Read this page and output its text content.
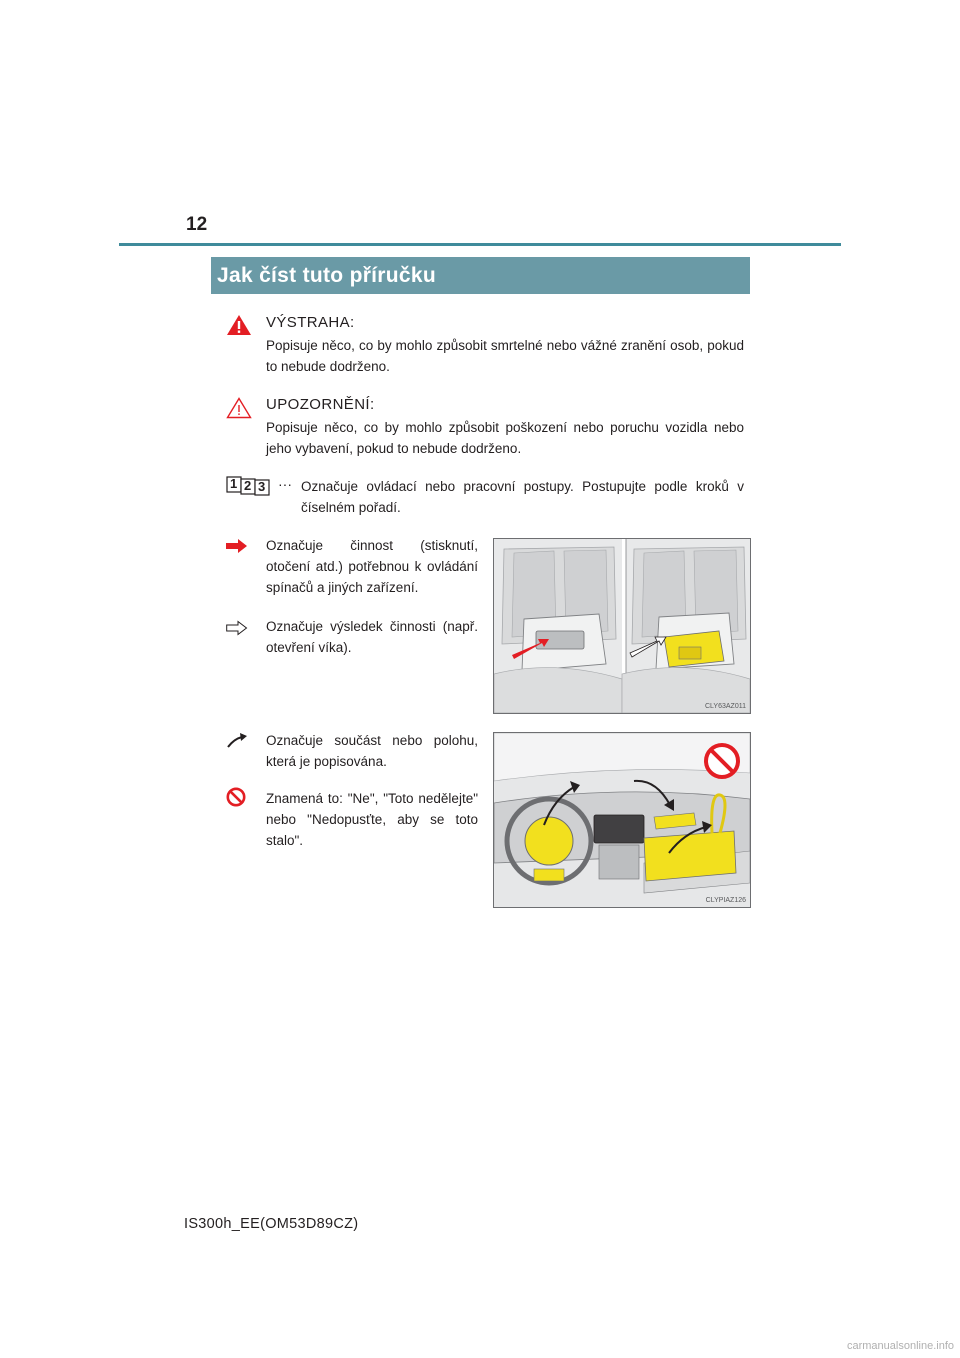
12
Jak číst tuto příručku
VÝSTRAHA:
Popisuje něco, co by mohlo způsobit smrtelné nebo vážné zranění osob, pokud to nebude dodrženo.
UPOZORNĚNÍ:
Popisuje něco, co by mohlo způsobit poškození nebo poruchu vozidla nebo jeho vybavení, pokud to nebude dodrženo.
1 2 3 ··· Označuje ovládací nebo pracovní postupy. Postupujte podle kroků v číselném pořadí.
Označuje činnost (stisknutí, otočení atd.) potřebnou k ovládání spínačů a jiných zařízení.
Označuje výsledek činnosti (např. otevření víka).
CLY63AZ011
Označuje součást nebo polohu, která je popisována.
Znamená to: "Ne", "Toto nedělejte" nebo "Nedopusťte, aby se toto stalo".
CLYPIAZ126
IS300h_EE(OM53D89CZ)
carmanualsonline.info
